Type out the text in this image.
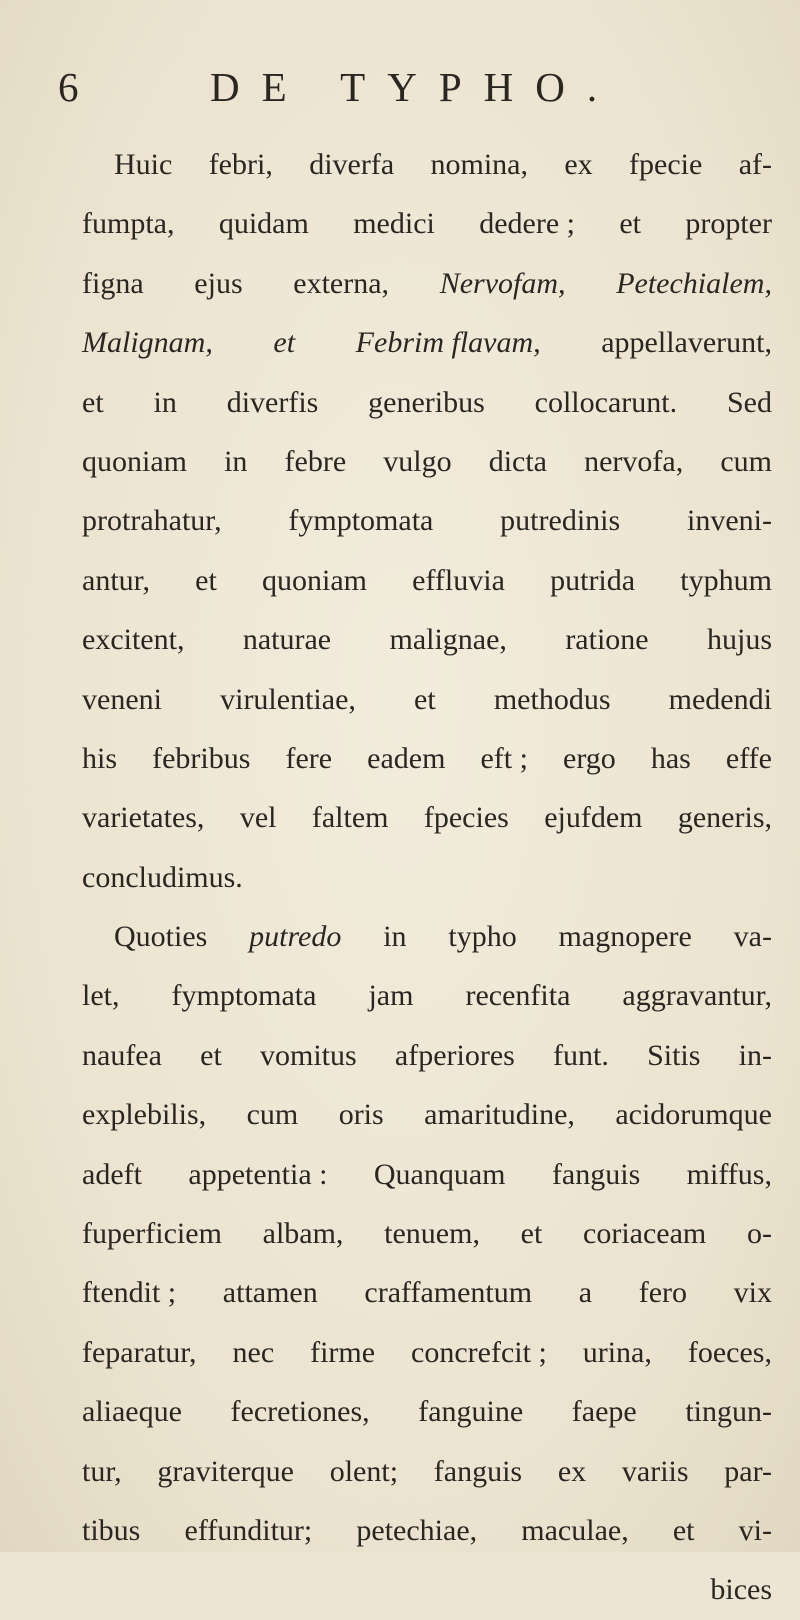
6	DE TYPHO.
Huic febri, diverfa nomina, ex fpecie af-
fumpta, quidam medici dedere ; et propter
figna ejus externa, Nervofam, Petechialem,
Malignam, et Febrim flavam, appellaverunt,
et in diverfis generibus collocarunt. Sed
quoniam in febre vulgo dicta nervofa, cum
protrahatur, fymptomata putredinis inveni-
antur, et quoniam effluvia putrida typhum
excitent, naturae malignae, ratione hujus
veneni virulentiae, et methodus medendi
his febribus fere eadem eft ; ergo has effe
varietates, vel faltem fpecies ejufdem generis,
concludimus.
Quoties putredo in typho magnopere va-
let, fymptomata jam recenfita aggravantur,
naufea et vomitus afperiores funt. Sitis in-
explebilis, cum oris amaritudine, acidorumque
adeft appetentia : Quanquam fanguis miffus,
fuperficiem albam, tenuem, et coriaceam o-
ftendit ; attamen craffamentum a fero vix
feparatur, nec firme concrefcit ; urina, foeces,
aliaeque fecretiones, fanguine faepe tingun-
tur, graviterque olent; fanguis ex variis par-
tibus effunditur; petechiae, maculae, et vi-
bices
